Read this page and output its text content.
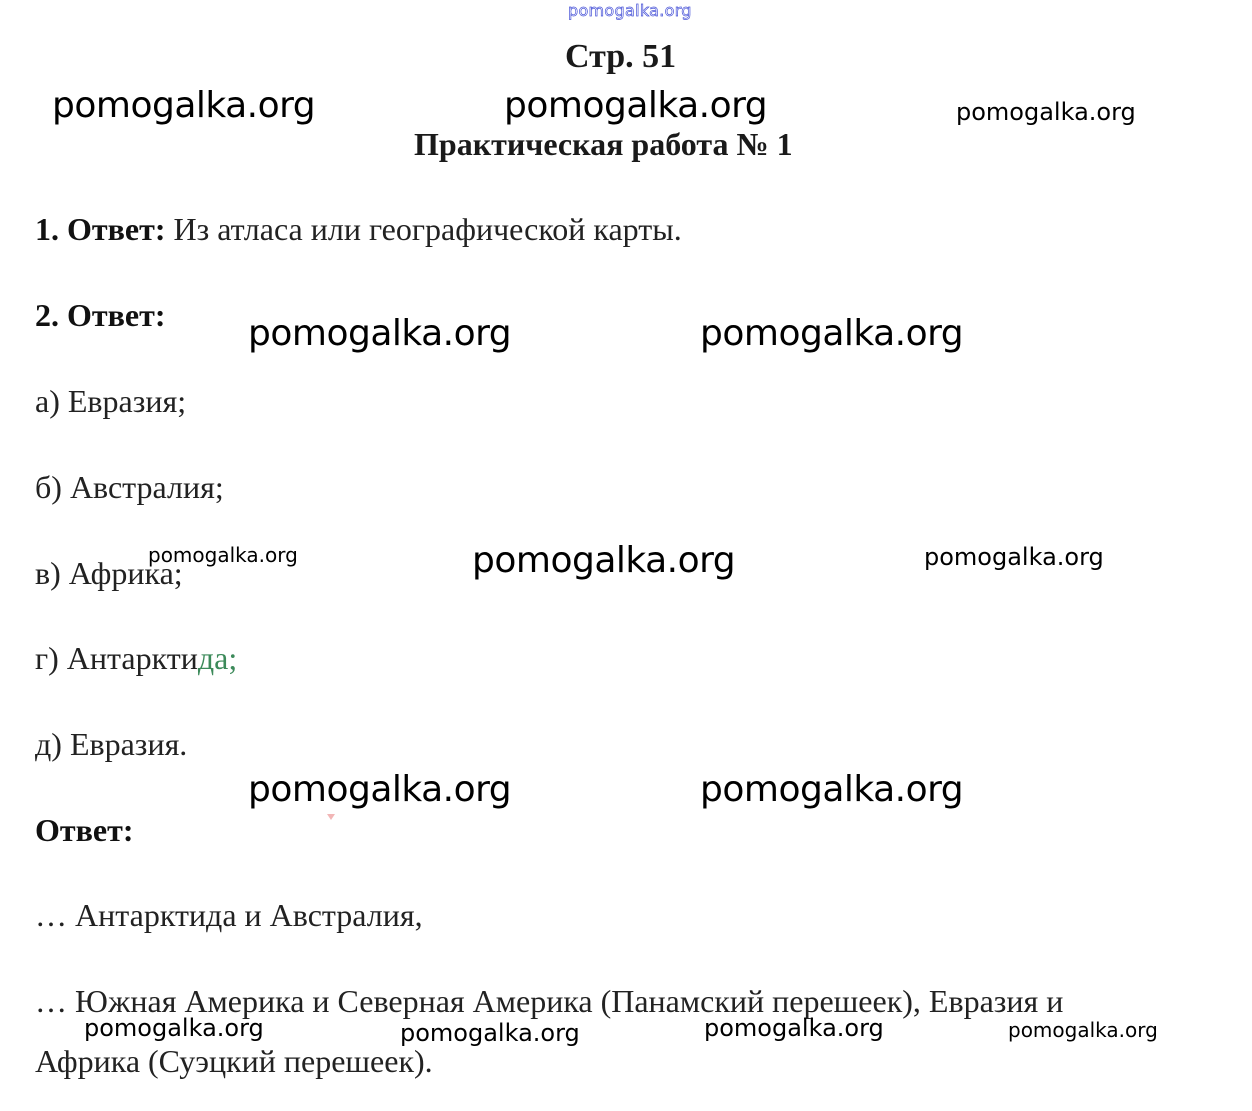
pomogalka.org
Стр. 51
pomogalka.org	pomogalka.org	pomogalka.org
Практическая работа № 1
1. Ответ: Из атласа или географической карты.
2. Ответ: pomogalka.org	pomogalka.org
а) Евразия;
б) Австралия;
в) Африка;
г) Антарктида;
д) Евразия.
pomogalka.org	pomogalka.org	pomogalka.org
pomogalka.org	pomogalka.org
Ответ:
… Антарктида и Австралия,
… Южная Америка и Северная Америка (Панамский перешеек), Евразия и
Африка (Суэцкий перешеек).
pomogalka.org	pomogalka.org	pomogalka.org	pomogalka.org
